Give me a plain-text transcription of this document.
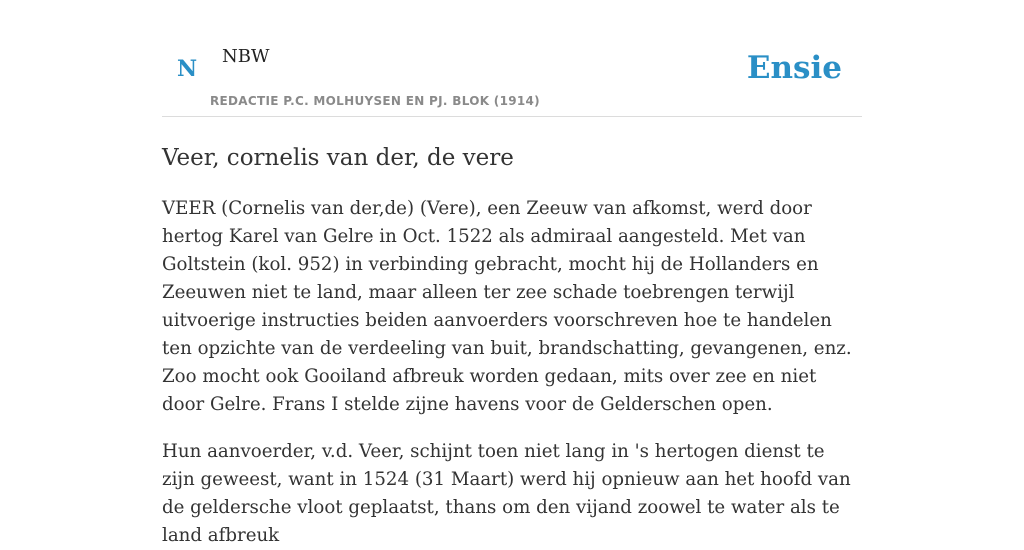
N NBW
REDACTIE P.C. MOLHUYSEN EN PJ. BLOK (1914)
Ensie
Veer, cornelis van der, de vere

VEER (Cornelis van der,de) (Vere), een Zeeuw van afkomst, werd door hertog Karel van Gelre in Oct. 1522 als admiraal aangesteld. Met van Goltstein (kol. 952) in verbinding gebracht, mocht hij de Hollanders en Zeeuwen niet te land, maar alleen ter zee schade toebrengen terwijl uitvoerige instructies beiden aanvoerders voorschreven hoe te handelen ten opzichte van de verdeeling van buit, brandschatting, gevangenen, enz. Zoo mocht ook Gooiland afbreuk worden gedaan, mits over zee en niet door Gelre. Frans I stelde zijne havens voor de Gelderschen open.

Hun aanvoerder, v.d. Veer, schijnt toen niet lang in 's hertogen dienst te zijn geweest, want in 1524 (31 Maart) werd hij opnieuw aan het hoofd van de geldersche vloot geplaatst, thans om den vijand zoowel te water als te land afbreuk
